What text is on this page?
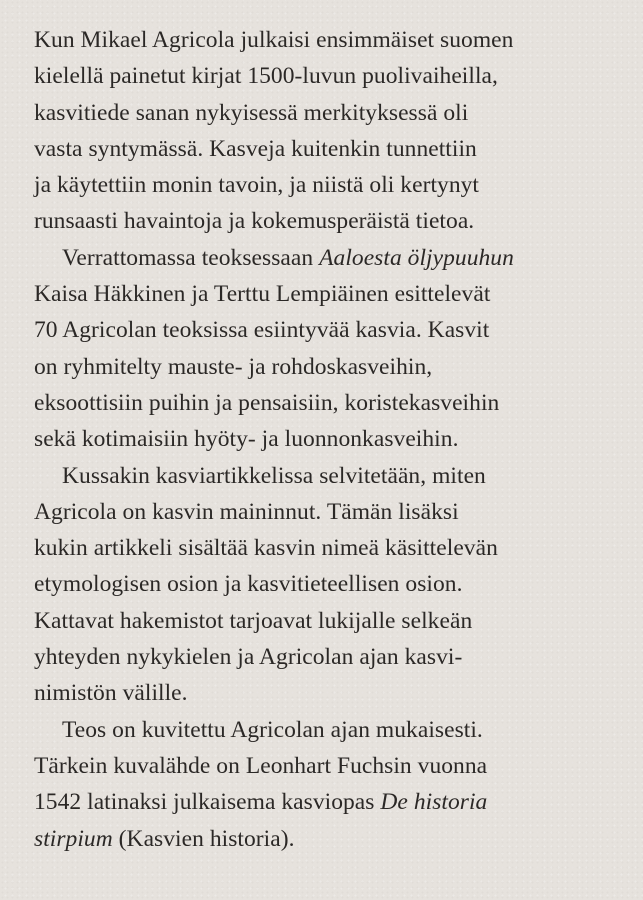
Kun Mikael Agricola julkaisi ensimmäiset suomen
kielellä painetut kirjat 1500-luvun puolivaiheilla,
kasvitiede sanan nykyisessä merkityksessä oli
vasta syntymässä. Kasveja kuitenkin tunnettiin
ja käytettiin monin tavoin, ja niistä oli kertynyt
runsaasti havaintoja ja kokemusperäistä tietoa.
Verrattomassa teoksessaan Aaloesta öljypuuhun
Kaisa Häkkinen ja Terttu Lempiäinen esittelevät
70 Agricolan teoksissa esiintyvää kasvia. Kasvit
on ryhmitelty mauste- ja rohdoskasveihin,
eksoottisiin puihin ja pensaisiin, koristekasveihin
sekä kotimaisiin hyöty- ja luonnonkasveihin.
Kussakin kasviartikkelissa selvitetään, miten
Agricola on kasvin maininnut. Tämän lisäksi
kukin artikkeli sisältää kasvin nimeä käsittelevän
etymologisen osion ja kasvitieteellisen osion.
Kattavat hakemistot tarjoavat lukijalle selkeän
yhteyden nykykielen ja Agricolan ajan kasvi-
nimistön välille.
Teos on kuvitettu Agricolan ajan mukaisesti.
Tärkein kuvalähde on Leonhart Fuchsin vuonna
1542 latinaksi julkaisema kasviopas De historia
stirpium (Kasvien historia).
